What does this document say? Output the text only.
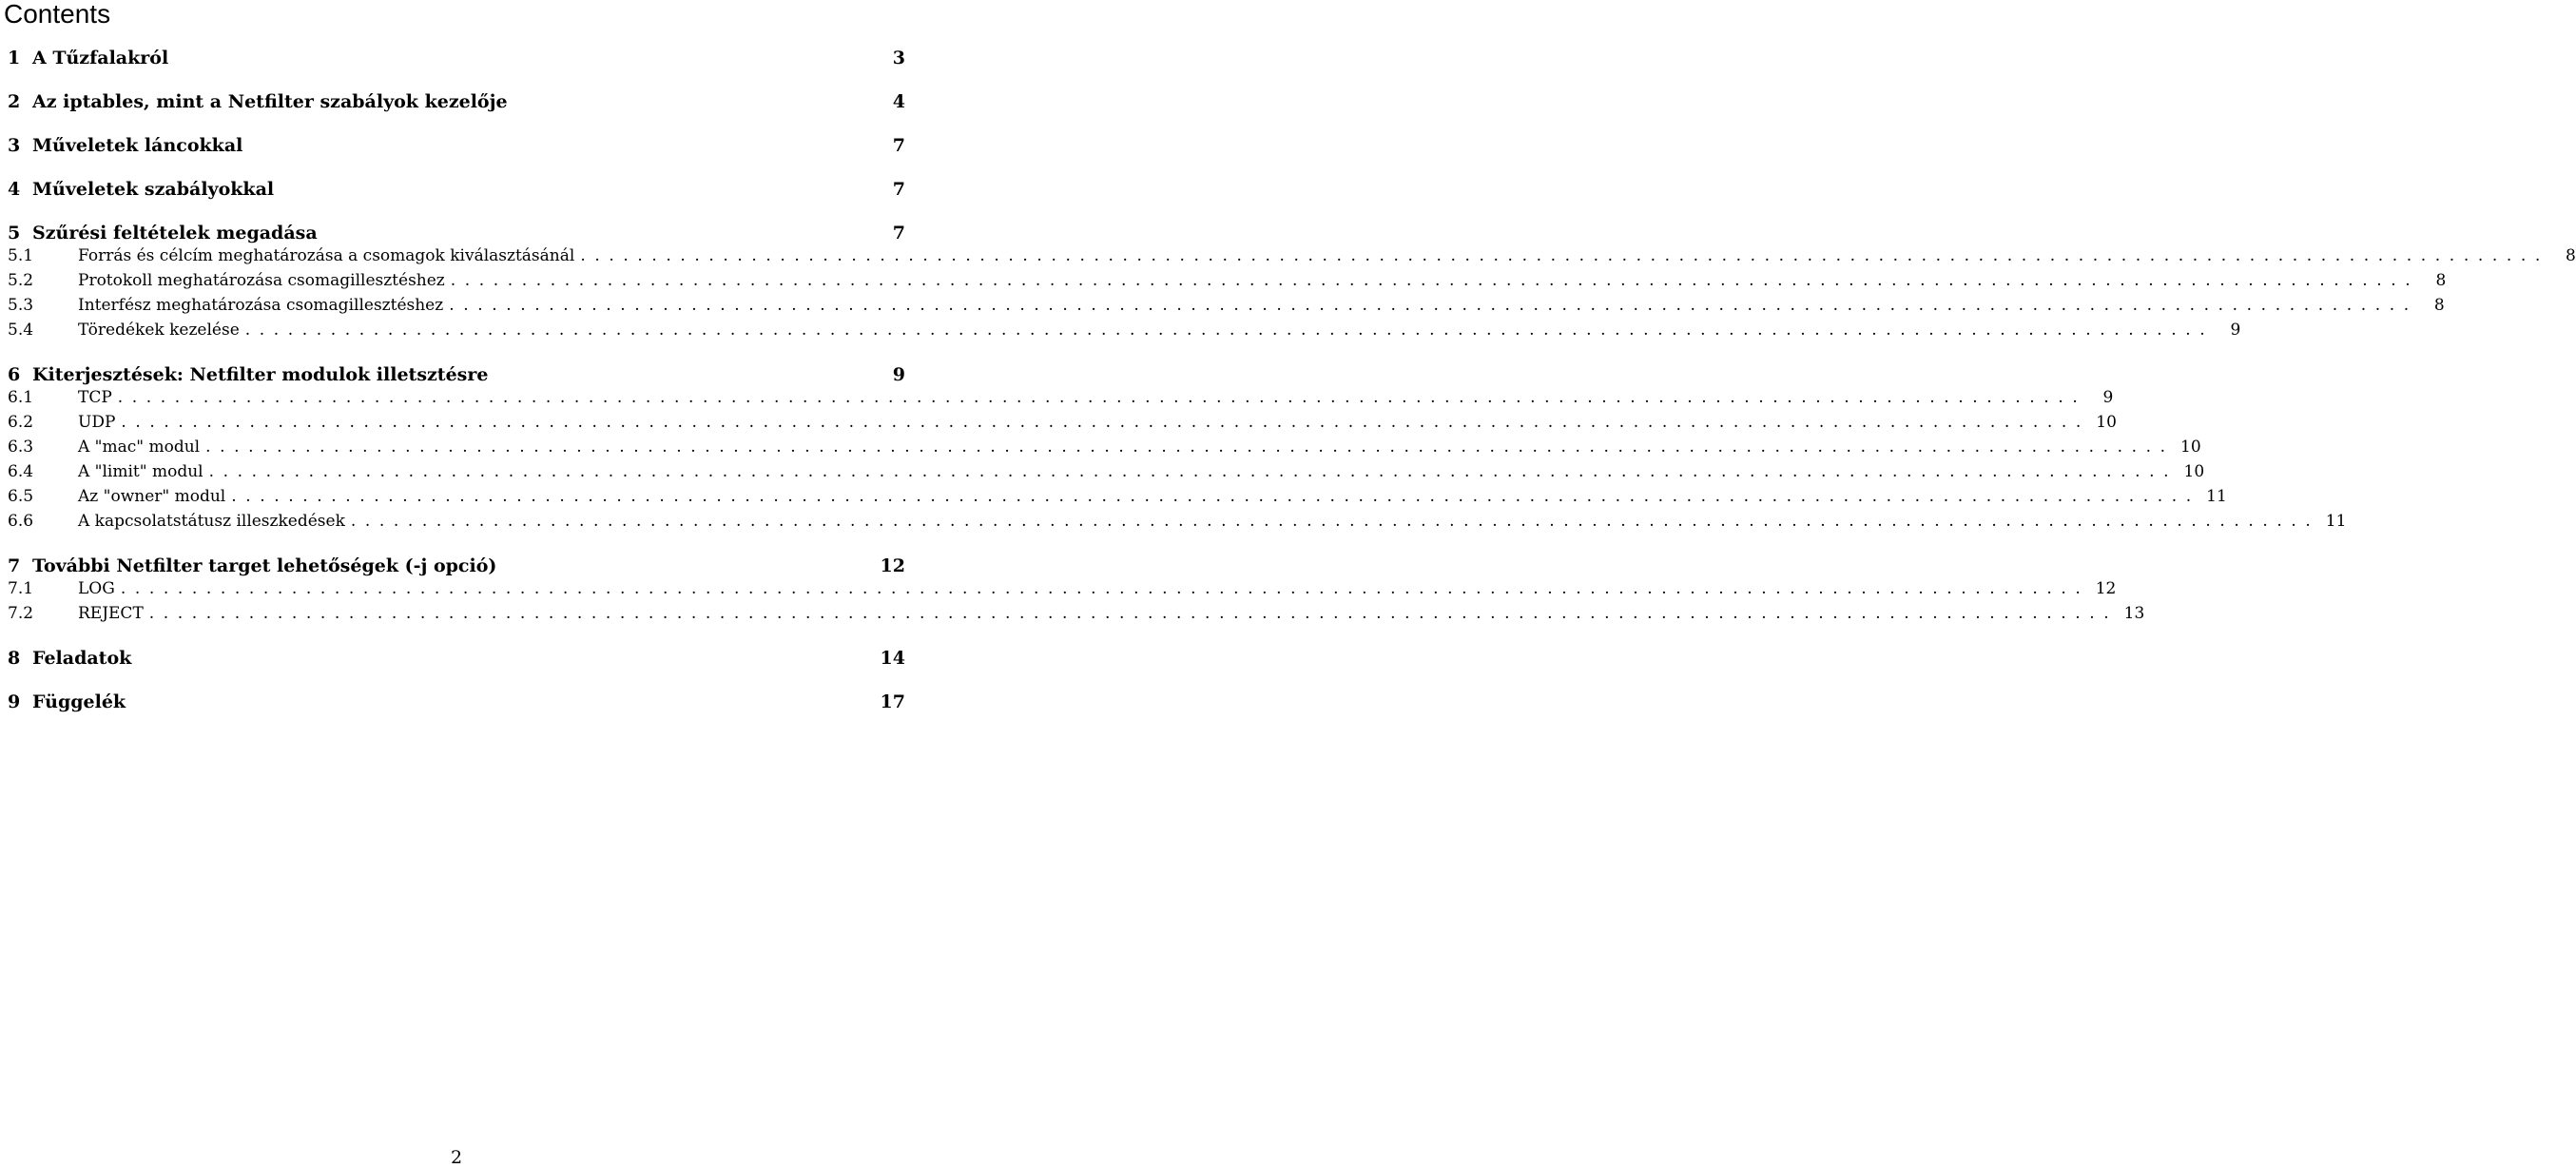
Contents
1 A Tűzfalakról	3
2 Az iptables, mint a Netfilter szabályok kezelője	4
3 Műveletek láncokkal	7
4 Műveletek szabályokkal	7
5 Szűrési feltételek megadása	7
5.1	Forrás és célcím meghatározása a csomagok kiválasztásánál ..........................................................................................................................................	8
5.2	Protokoll meghatározása csomagillesztéshez ..........................................................................................................................................	8
5.3	Interfész meghatározása csomagillesztéshez ..........................................................................................................................................	8
5.4	Töredékek kezelése ..........................................................................................................................................	9
6 Kiterjesztések: Netfilter modulok illetsztésre	9
6.1	TCP ..........................................................................................................................................	9
6.2	UDP .......................................................................................................................................... 10
6.3	A "mac" modul .......................................................................................................................................... 10
6.4	A "limit" modul .......................................................................................................................................... 10
6.5	Az "owner" modul .......................................................................................................................................... 11
6.6	A kapcsolatstátusz illeszkedések .......................................................................................................................................... 11
7 További Netfilter target lehetőségek (-j opció)	12
7.1	LOG .......................................................................................................................................... 12
7.2	REJECT .......................................................................................................................................... 13
8 Feladatok	14
9 Függelék	17
2
